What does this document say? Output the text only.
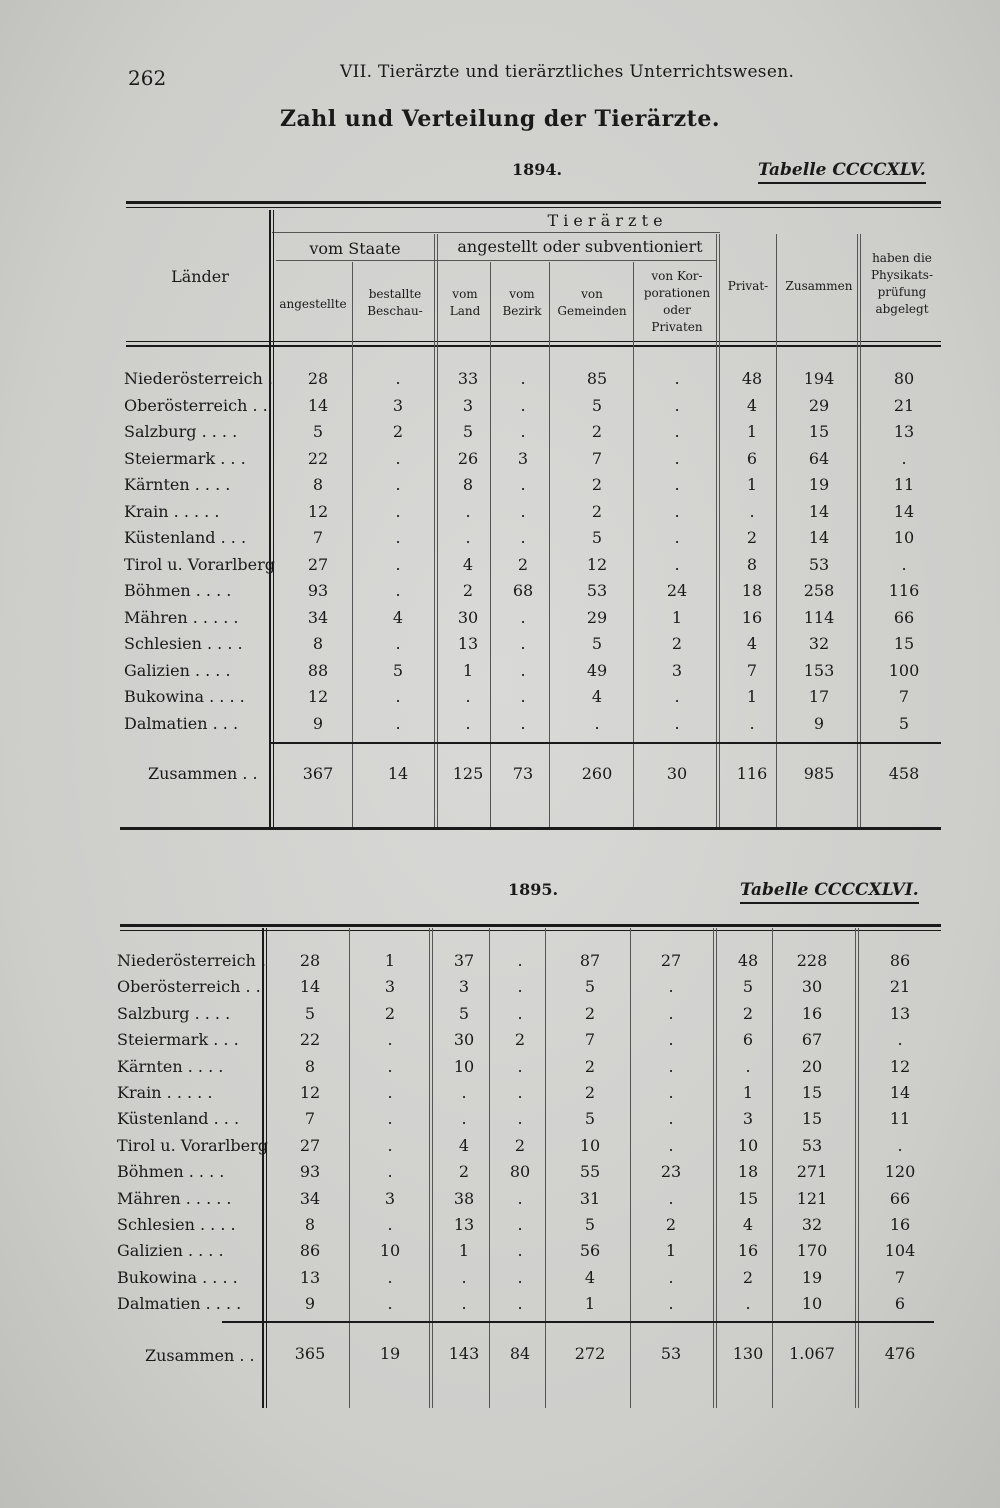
262	VII. Tierärzte und tierärztliches Unterrichtswesen.
Zahl und Verteilung der Tierärzte.
1894.	Tabelle CCCCXLV.
Länder
T i e r ä r z t e
vom Staate	angestellt oder subventioniert
angestellte
bestallte Beschau-
vom Land
vom Bezirk
von Gemeinden
von Kor- porationen oder Privaten
Privat-	Zusammen
haben die Physikats- prüfung abgelegt
Niederösterreich .	28	.	33	.	85	.	48	194	80
Oberösterreich . .	14	3	3	.	5	.	4	29	21
Salzburg . . . .	5	2	5	.	2	.	1	15	13
Steiermark . . .	22	.	26	3	7	.	6	64	.
Kärnten . . . .	8	.	8	.	2	.	1	19	11
Krain . . . . .	12	.	.	.	2	.	.	14	14
Küstenland . . .	7	.	.	.	5	.	2	14	10
Tirol u. Vorarlberg	27	.	4	2	12	.	8	53	.
Böhmen . . . .	93	.	2	68	53	24	18	258	116
Mähren . . . . .	34	4	30	.	29	1	16	114	66
Schlesien . . . .	8	.	13	.	5	2	4	32	15
Galizien . . . .	88	5	1	.	49	3	7	153	100
Bukowina . . . .	12	.	.	.	4	.	1	17	7
Dalmatien . . .	9	.	.	.	.	.	.	9	5
Zusammen . .	367	14	125	73	260	30	116	985	458
1895.	Tabelle CCCCXLVI.
Niederösterreich .	28	1	37	.	87	27	48	228	86
Oberösterreich . .	14	3	3	.	5	.	5	30	21
Salzburg . . . .	5	2	5	.	2	.	2	16	13
Steiermark . . .	22	.	30	2	7	.	6	67	.
Kärnten . . . .	8	.	10	.	2	.	.	20	12
Krain . . . . .	12	.	.	.	2	.	1	15	14
Küstenland . . .	7	.	.	.	5	.	3	15	11
Tirol u. Vorarlberg	27	.	4	2	10	.	10	53	.
Böhmen . . . .	93	.	2	80	55	23	18	271	120
Mähren . . . . .	34	3	38	.	31	.	15	121	66
Schlesien . . . .	8	.	13	.	5	2	4	32	16
Galizien . . . .	86	10	1	.	56	1	16	170	104
Bukowina . . . .	13	.	.	.	4	.	2	19	7
Dalmatien . . . .	9	.	.	.	1	.	.	10	6
Zusammen . .	365	19	143	84	272	53	130	1.067	476
